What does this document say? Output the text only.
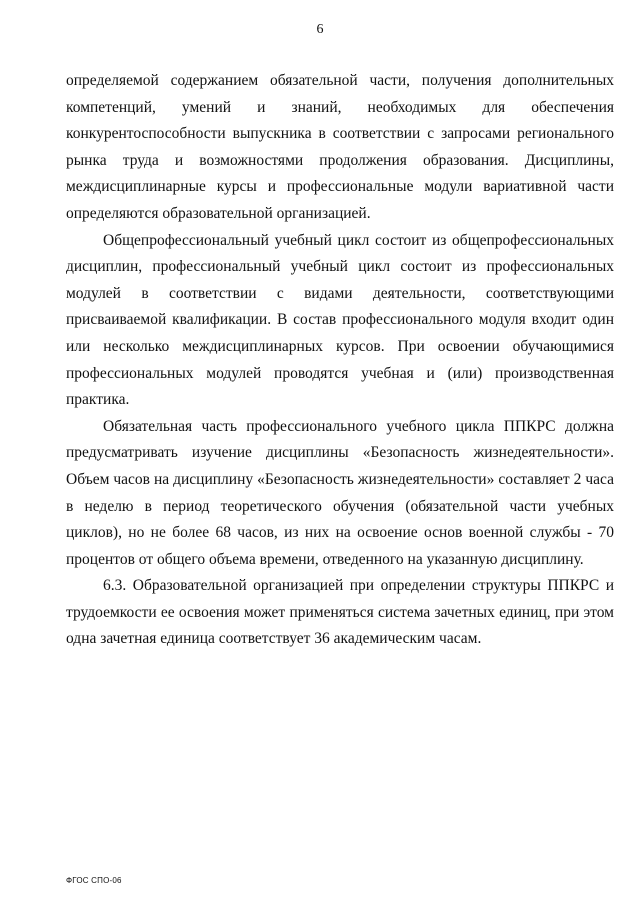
6

определяемой содержанием обязательной части, получения дополнительных компетенций, умений и знаний, необходимых для обеспечения конкурентоспособности выпускника в соответствии с запросами регионального рынка труда и возможностями продолжения образования. Дисциплины, междисциплинарные курсы и профессиональные модули вариативной части определяются образовательной организацией.

Общепрофессиональный учебный цикл состоит из общепрофессиональных дисциплин, профессиональный учебный цикл состоит из профессиональных модулей в соответствии с видами деятельности, соответствующими присваиваемой квалификации. В состав профессионального модуля входит один или несколько междисциплинарных курсов. При освоении обучающимися профессиональных модулей проводятся учебная и (или) производственная практика.

Обязательная часть профессионального учебного цикла ППКРС должна предусматривать изучение дисциплины «Безопасность жизнедеятельности». Объем часов на дисциплину «Безопасность жизнедеятельности» составляет 2 часа в неделю в период теоретического обучения (обязательной части учебных циклов), но не более 68 часов, из них на освоение основ военной службы - 70 процентов от общего объема времени, отведенного на указанную дисциплину.

6.3. Образовательной организацией при определении структуры ППКРС и трудоемкости ее освоения может применяться система зачетных единиц, при этом одна зачетная единица соответствует 36 академическим часам.

ФГОС СПО-06
